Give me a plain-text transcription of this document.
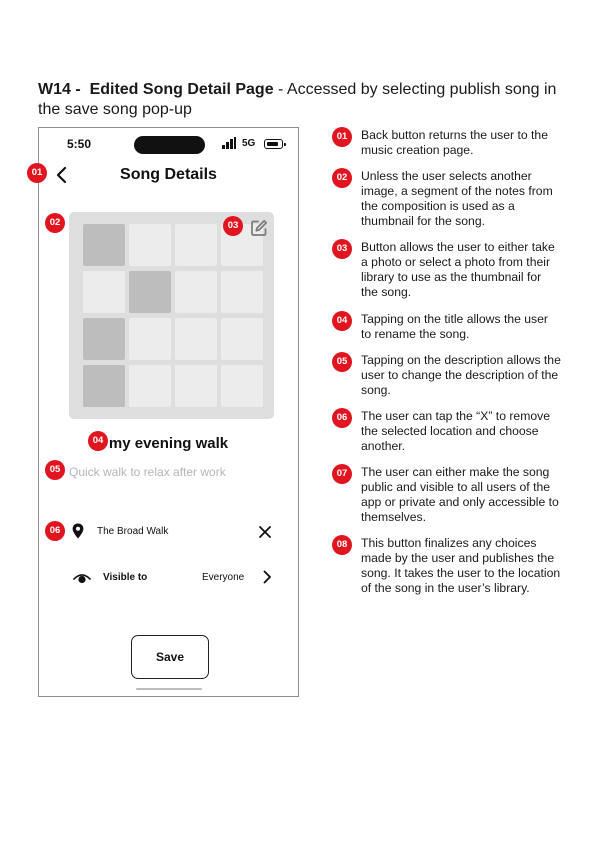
W14 - Edited Song Detail Page - Accessed by selecting publish song in the save song pop-up
5:50	5G
Song Details
my evening walk
Quick walk to relax after work
The Broad Walk
Visible to	Everyone
Save
01
02	03
04
05
06
01	Back button returns the user to the music creation page.
02	Unless the user selects another image, a segment of the notes from the composition is used as a thumbnail for the song.
03	Button allows the user to either take a photo or select a photo from their library to use as the thumbnail for the song.
04	Tapping on the title allows the user to rename the song.
05	Tapping on the description allows the user to change the description of the song.
06	The user can tap the “X” to remove the selected location and choose another.
07	The user can either make the song public and visible to all users of the app or private and only accessible to themselves.
08	This button finalizes any choices made by the user and publishes the song. It takes the user to the location of the song in the user’s library.
